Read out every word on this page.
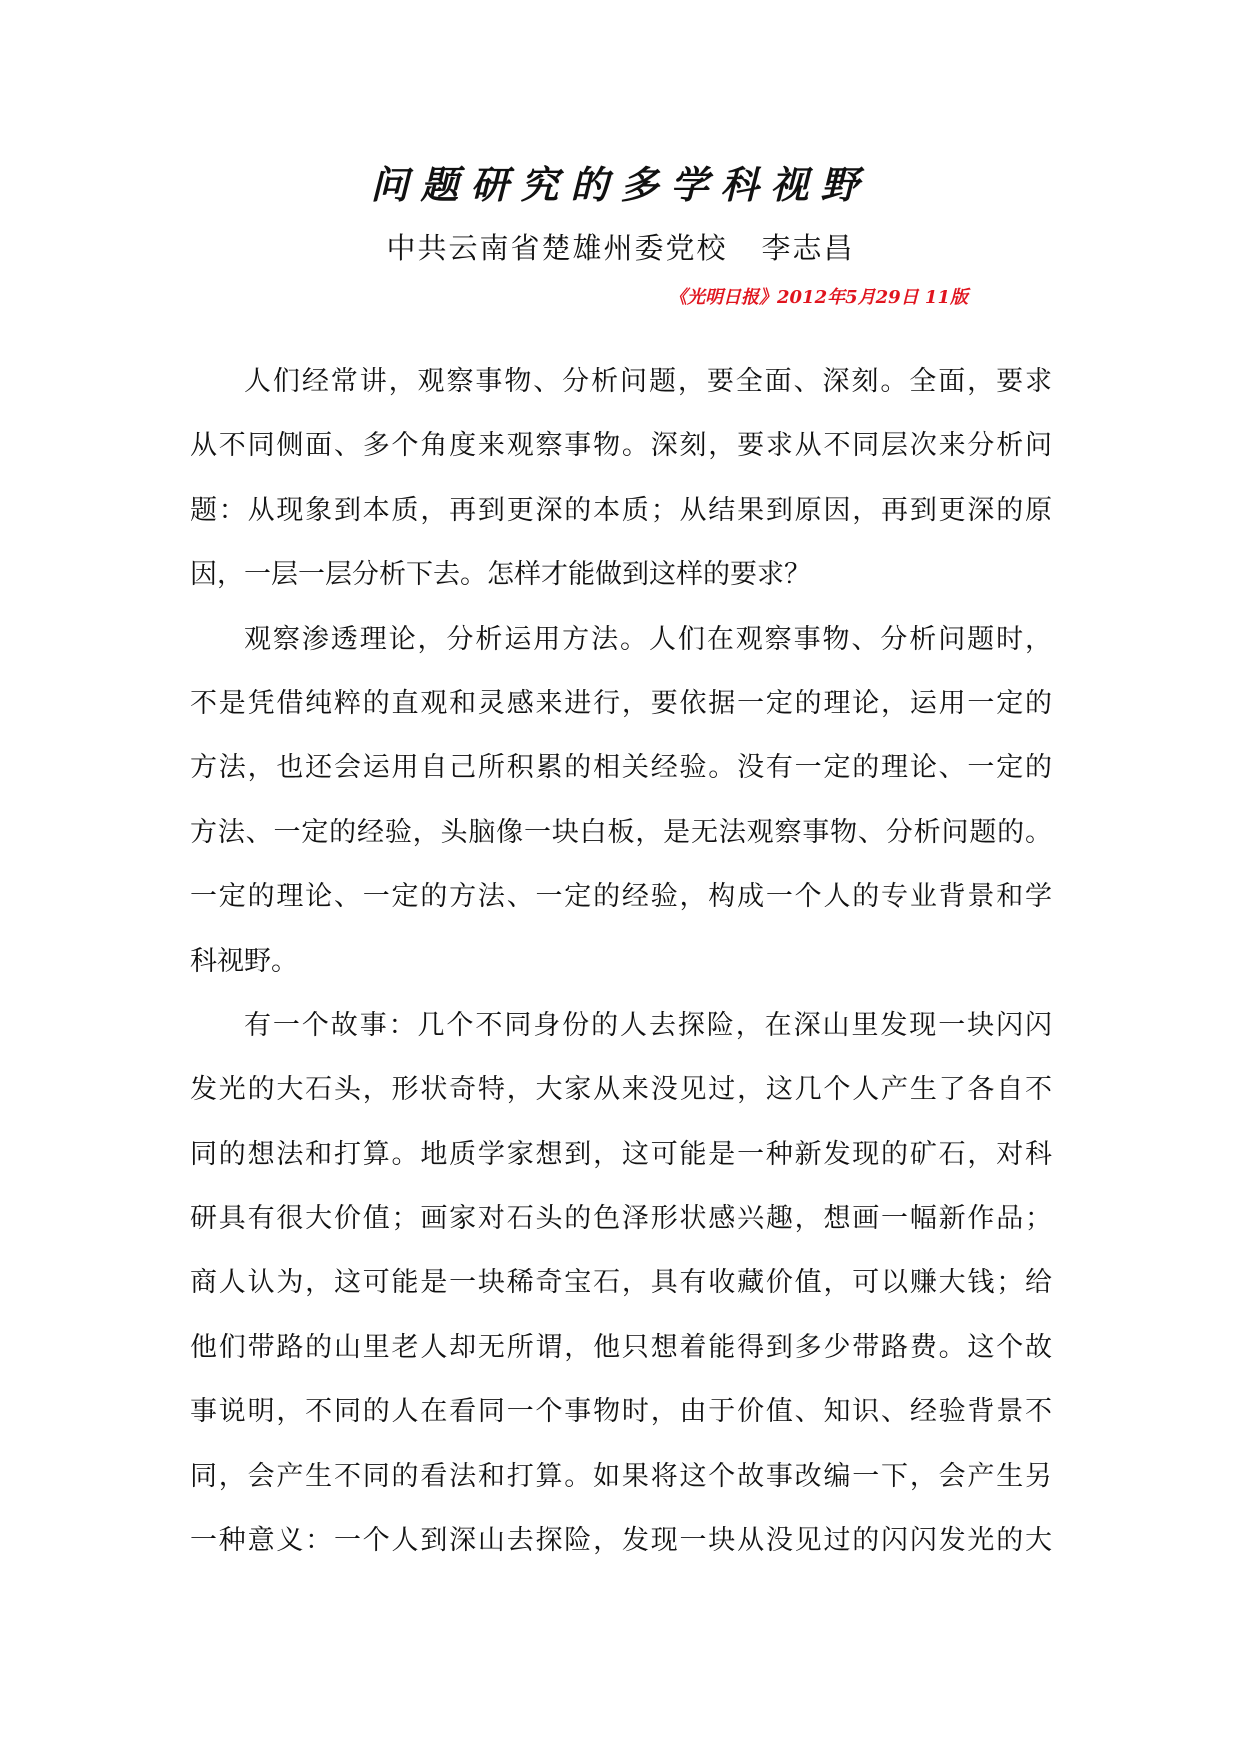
问题研究的多学科视野
中共云南省楚雄州委党校 李志昌
《光明日报》2012年5月29日 11版
人们经常讲，观察事物、分析问题，要全面、深刻。全面，要求
从不同侧面、多个角度来观察事物。深刻，要求从不同层次来分析问
题：从现象到本质，再到更深的本质；从结果到原因，再到更深的原
因，一层一层分析下去。怎样才能做到这样的要求？
观察渗透理论，分析运用方法。人们在观察事物、分析问题时，
不是凭借纯粹的直观和灵感来进行，要依据一定的理论，运用一定的
方法，也还会运用自己所积累的相关经验。没有一定的理论、一定的
方法、一定的经验，头脑像一块白板，是无法观察事物、分析问题的。
一定的理论、一定的方法、一定的经验，构成一个人的专业背景和学
科视野。
有一个故事：几个不同身份的人去探险，在深山里发现一块闪闪
发光的大石头，形状奇特，大家从来没见过，这几个人产生了各自不
同的想法和打算。地质学家想到，这可能是一种新发现的矿石，对科
研具有很大价值；画家对石头的色泽形状感兴趣，想画一幅新作品；
商人认为，这可能是一块稀奇宝石，具有收藏价值，可以赚大钱；给
他们带路的山里老人却无所谓，他只想着能得到多少带路费。这个故
事说明，不同的人在看同一个事物时，由于价值、知识、经验背景不
同，会产生不同的看法和打算。如果将这个故事改编一下，会产生另
一种意义：一个人到深山去探险，发现一块从没见过的闪闪发光的大
